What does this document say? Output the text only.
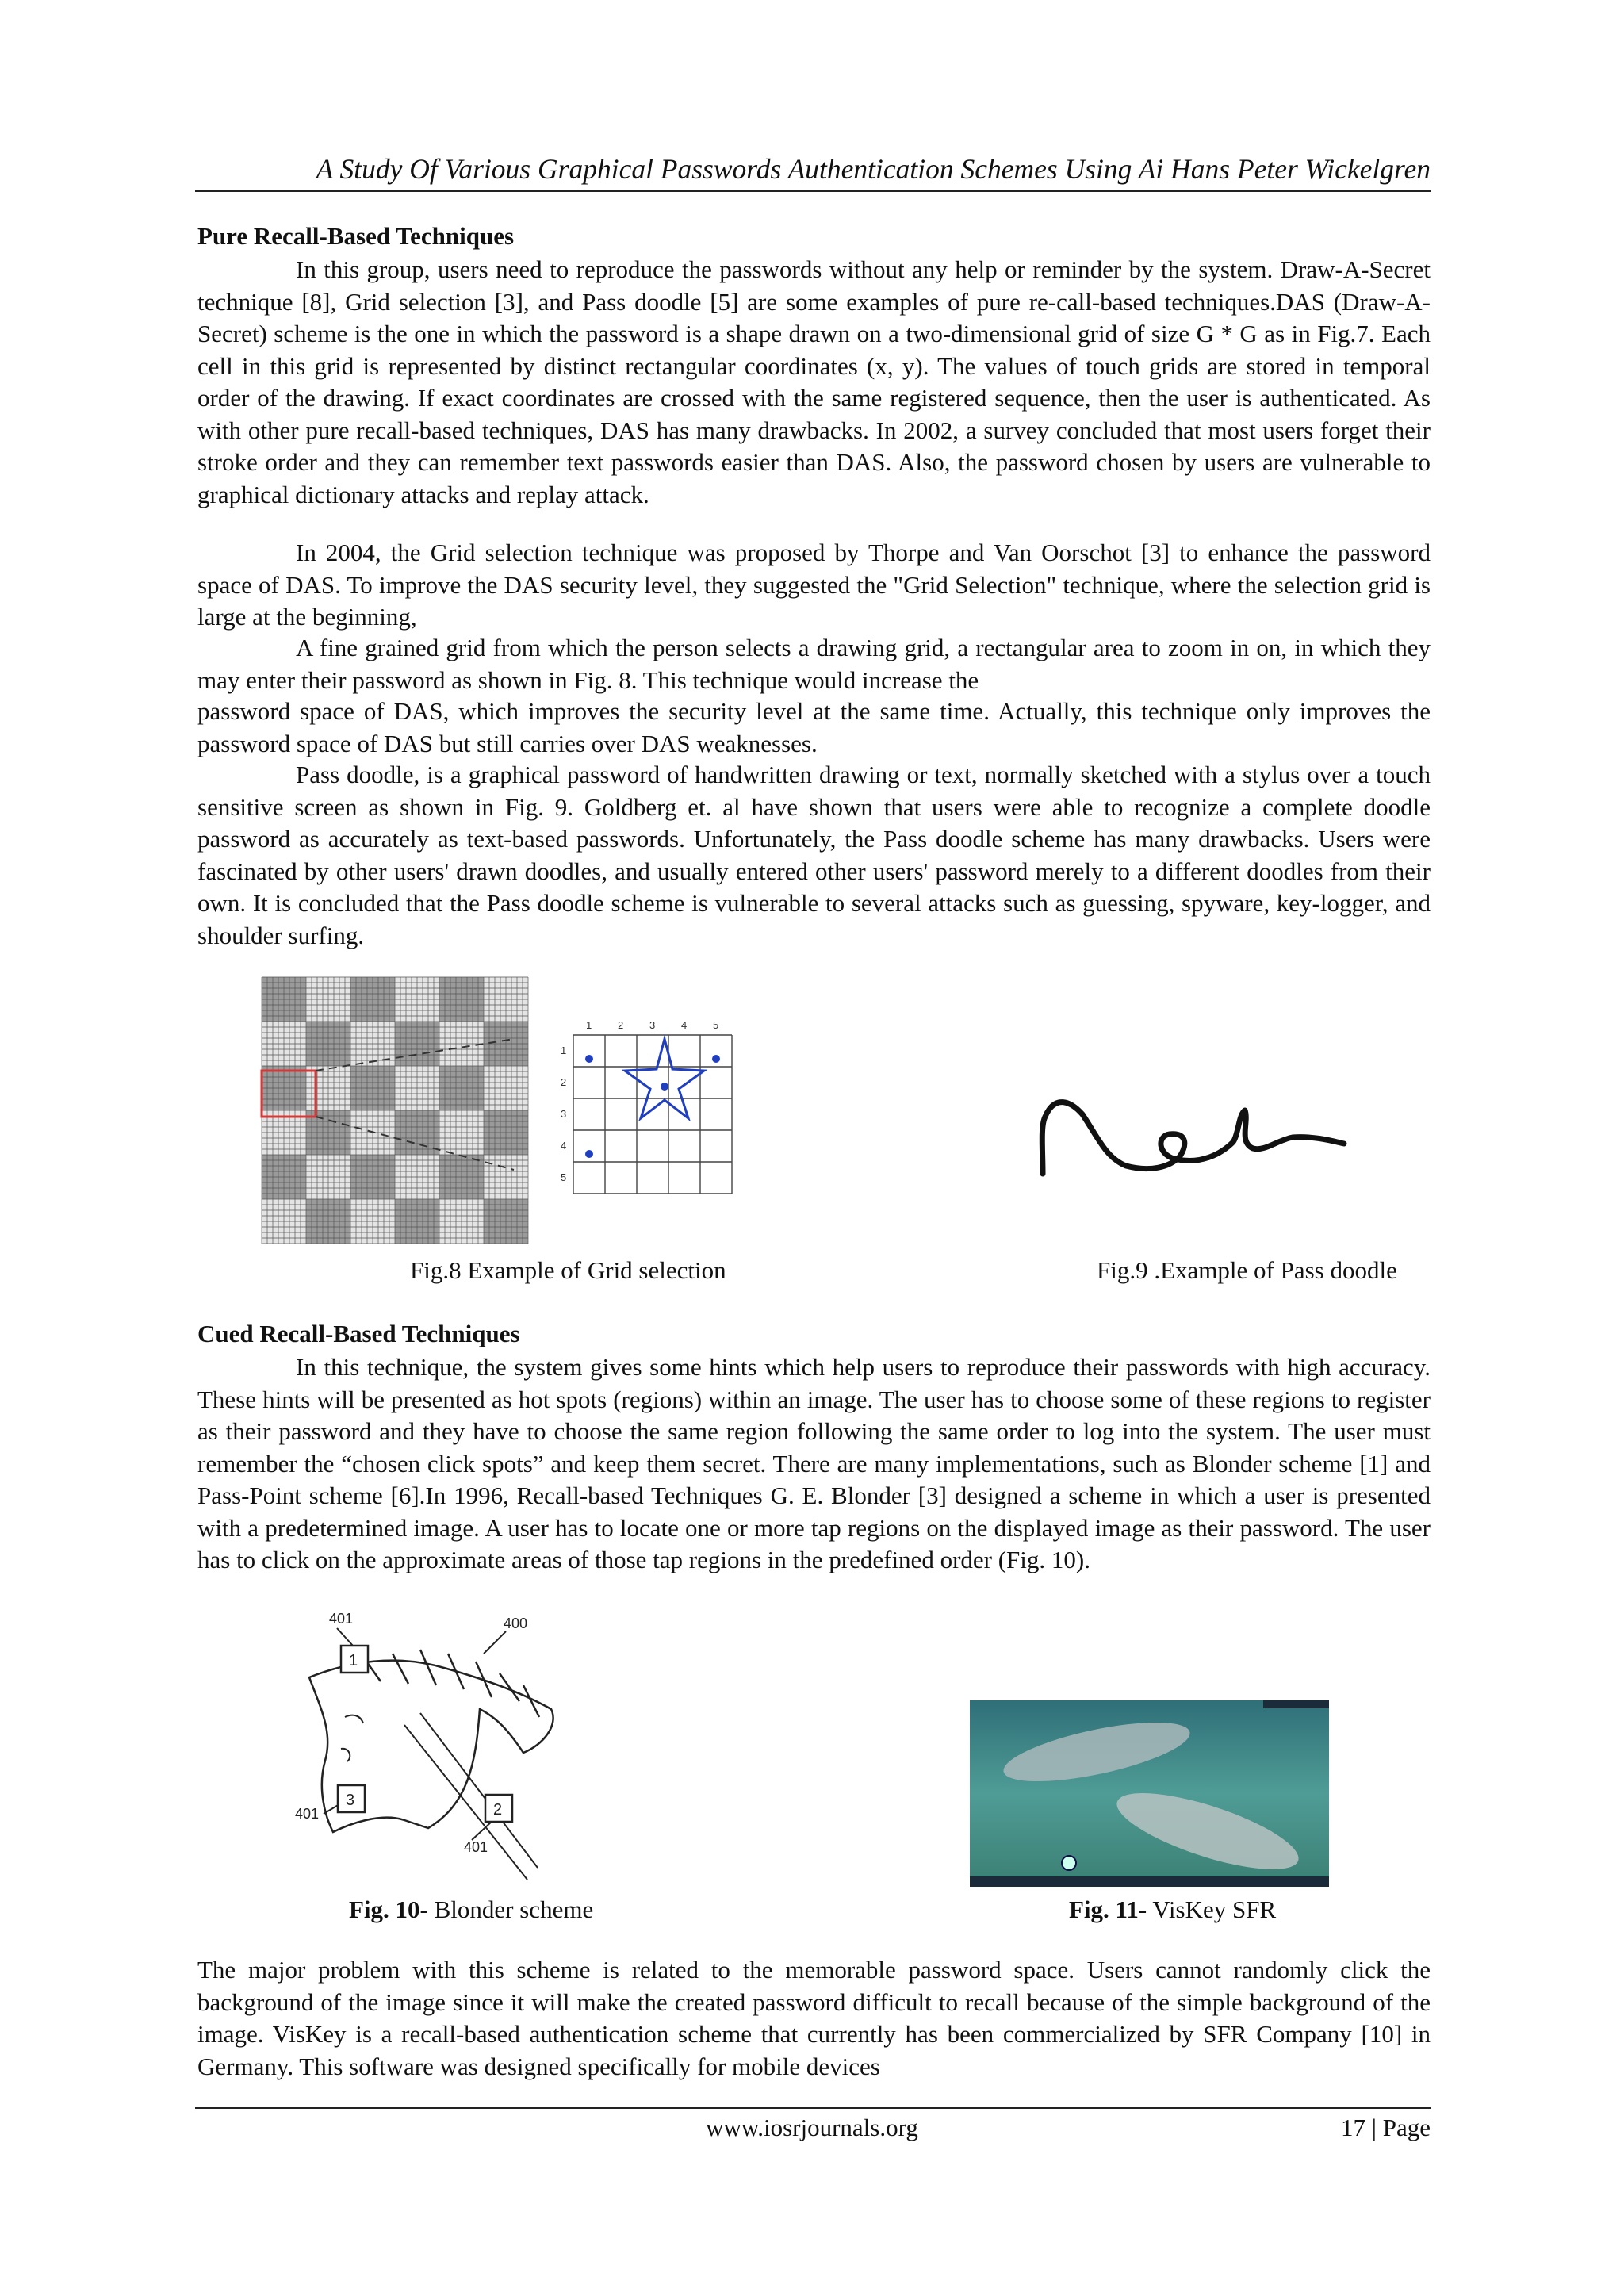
A Study Of Various Graphical Passwords Authentication Schemes Using Ai Hans Peter Wickelgren
Pure Recall-Based Techniques
In this group, users need to reproduce the passwords without any help or reminder by the system. Draw-A-Secret technique [8], Grid selection [3], and Pass doodle [5] are some examples of pure re-call-based techniques.DAS (Draw-A-Secret) scheme is the one in which the password is a shape drawn on a two-dimensional grid of size G * G as in Fig.7. Each cell in this grid is represented by distinct rectangular coordinates (x, y). The values of touch grids are stored in temporal order of the drawing. If exact coordinates are crossed with the same registered sequence, then the user is authenticated. As with other pure recall-based techniques, DAS has many drawbacks. In 2002, a survey concluded that most users forget their stroke order and they can remember text passwords easier than DAS. Also, the password chosen by users are vulnerable to graphical dictionary attacks and replay attack.
In 2004, the Grid selection technique was proposed by Thorpe and Van Oorschot [3] to enhance the password space of DAS. To improve the DAS security level, they suggested the "Grid Selection" technique, where the selection grid is large at the beginning,
A fine grained grid from which the person selects a drawing grid, a rectangular area to zoom in on, in which they may enter their password as shown in Fig. 8. This technique would increase the
password space of DAS, which improves the security level at the same time. Actually, this technique only improves the password space of DAS but still carries over DAS weaknesses.
Pass doodle, is a graphical password of handwritten drawing or text, normally sketched with a stylus over a touch sensitive screen as shown in Fig. 9. Goldberg et. al have shown that users were able to recognize a complete doodle password as accurately as text-based passwords. Unfortunately, the Pass doodle scheme has many drawbacks. Users were fascinated by other users' drawn doodles, and usually entered other users' password merely to a different doodles from their own. It is concluded that the Pass doodle scheme is vulnerable to several attacks such as guessing, spyware, key-logger, and shoulder surfing.
1	2	3	4	5
1
2
3
4
5
Fig.8 Example of Grid selection	Fig.9 .Example of Pass doodle
Cued Recall-Based Techniques
In this technique, the system gives some hints which help users to reproduce their passwords with high accuracy. These hints will be presented as hot spots (regions) within an image. The user has to choose some of these regions to register as their password and they have to choose the same region following the same order to log into the system. The user must remember the “chosen click spots” and keep them secret. There are many implementations, such as Blonder scheme [1] and Pass-Point scheme [6].In 1996, Recall-based Techniques G. E. Blonder [3] designed a scheme in which a user is presented with a predetermined image. A user has to locate one or more tap regions on the displayed image as their password. The user has to click on the approximate areas of those tap regions in the predefined order (Fig. 10).
401	400
401
401
1
2
3
Fig. 10- Blonder scheme	Fig. 11- VisKey SFR
The major problem with this scheme is related to the memorable password space. Users cannot randomly click the background of the image since it will make the created password difficult to recall because of the simple background of the image. VisKey is a recall-based authentication scheme that currently has been commercialized by SFR Company [10] in Germany. This software was designed specifically for mobile devices
www.iosrjournals.org	17 | Page
